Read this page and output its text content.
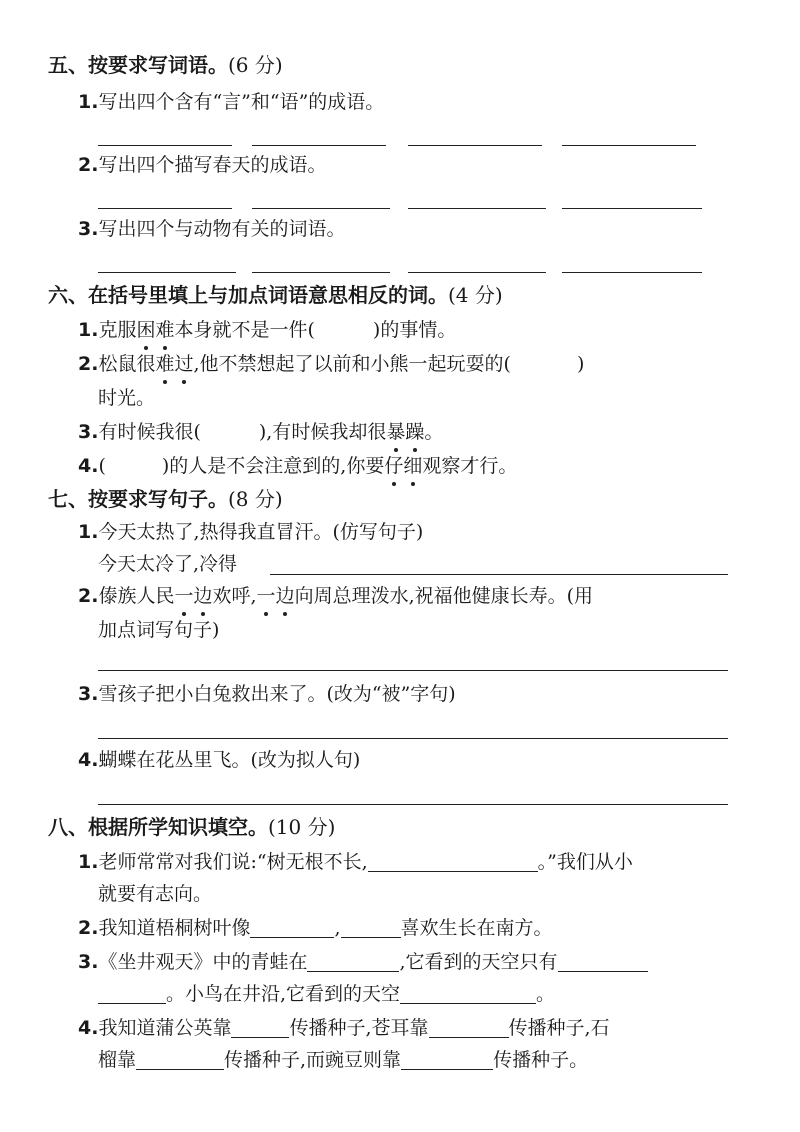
五、按要求写词语。(6 分)
1.写出四个含有“言”和“语”的成语。
2.写出四个描写春天的成语。
3.写出四个与动物有关的词语。
六、在括号里填上与加点词语意思相反的词。(4 分)
1.克服困难本身就不是一件(	)的事情。
2.松鼠很难过,他不禁想起了以前和小熊一起玩耍的(	)
时光。
3.有时候我很(	),有时候我却很暴躁。
4.(	)的人是不会注意到的,你要仔细观察才行。
七、按要求写句子。(8 分)
1.今天太热了,热得我直冒汗。(仿写句子)
今天太冷了,冷得
2.傣族人民一边欢呼,一边向周总理泼水,祝福他健康长寿。(用
加点词写句子)
3.雪孩子把小白兔救出来了。(改为“被”字句)
4.蝴蝶在花丛里飞。(改为拟人句)
八、根据所学知识填空。(10 分)
1.老师常常对我们说:“树无根不长,	。”我们从小
就要有志向。
2.我知道梧桐树叶像	,	喜欢生长在南方。
3.《坐井观天》中的青蛙在	,它看到的天空只有
。小鸟在井沿,它看到的天空	。
4.我知道蒲公英靠	传播种子,苍耳靠	传播种子,石
榴靠	传播种子,而豌豆则靠	传播种子。
